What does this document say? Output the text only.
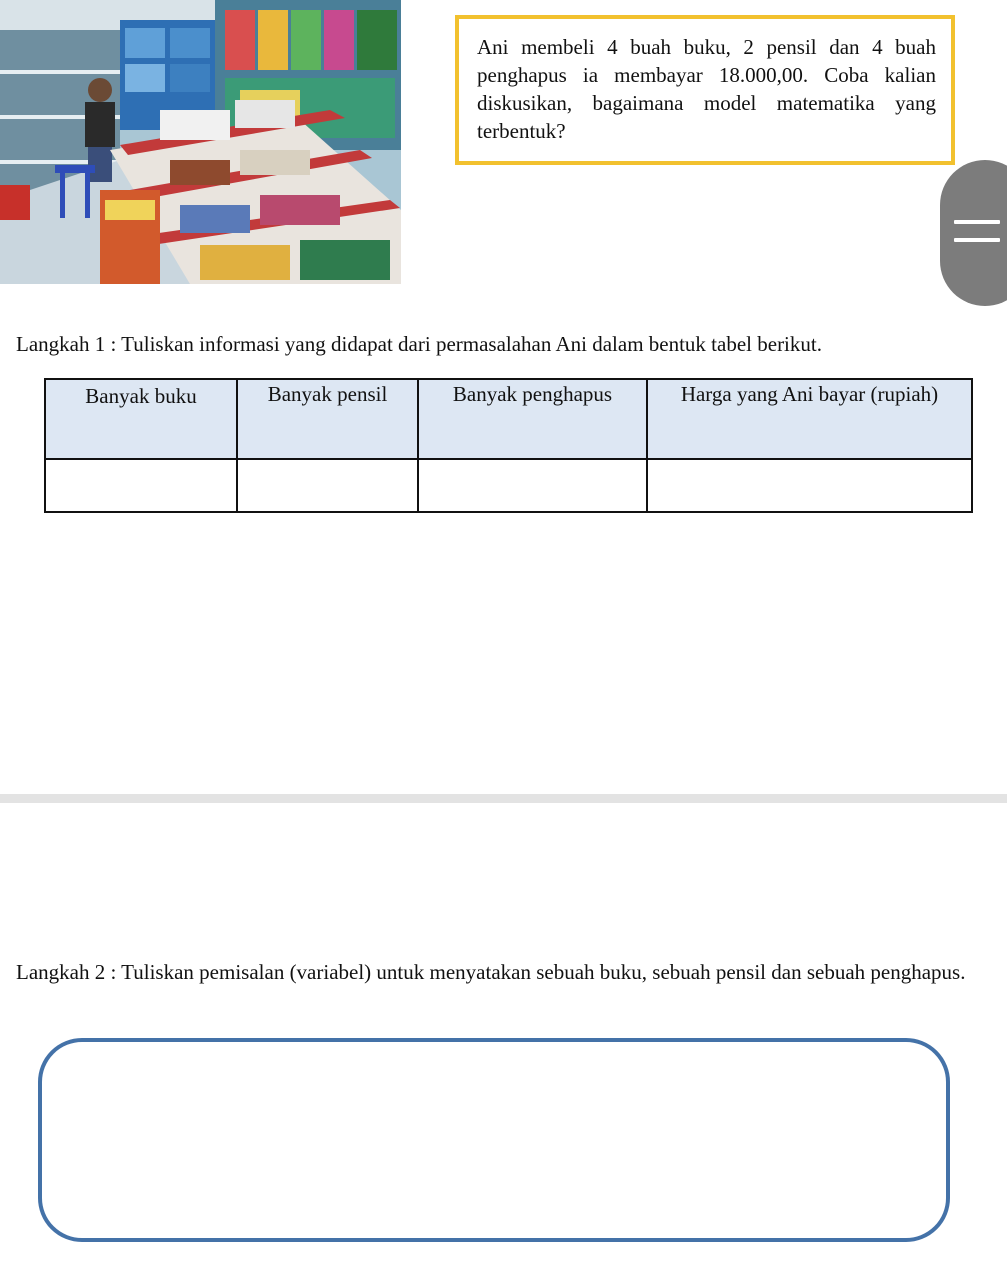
Ani membeli 4 buah buku, 2 pensil dan 4 buah penghapus ia membayar 18.000,00. Coba kalian diskusikan, bagaimana model matematika yang terbentuk?
Langkah 1 : Tuliskan informasi yang didapat dari permasalahan Ani dalam bentuk tabel berikut.
Banyak buku	Banyak pensil	Banyak penghapus	Harga yang Ani bayar (rupiah)

Langkah 2 : Tuliskan pemisalan (variabel) untuk menyatakan sebuah buku, sebuah pensil dan sebuah penghapus.
